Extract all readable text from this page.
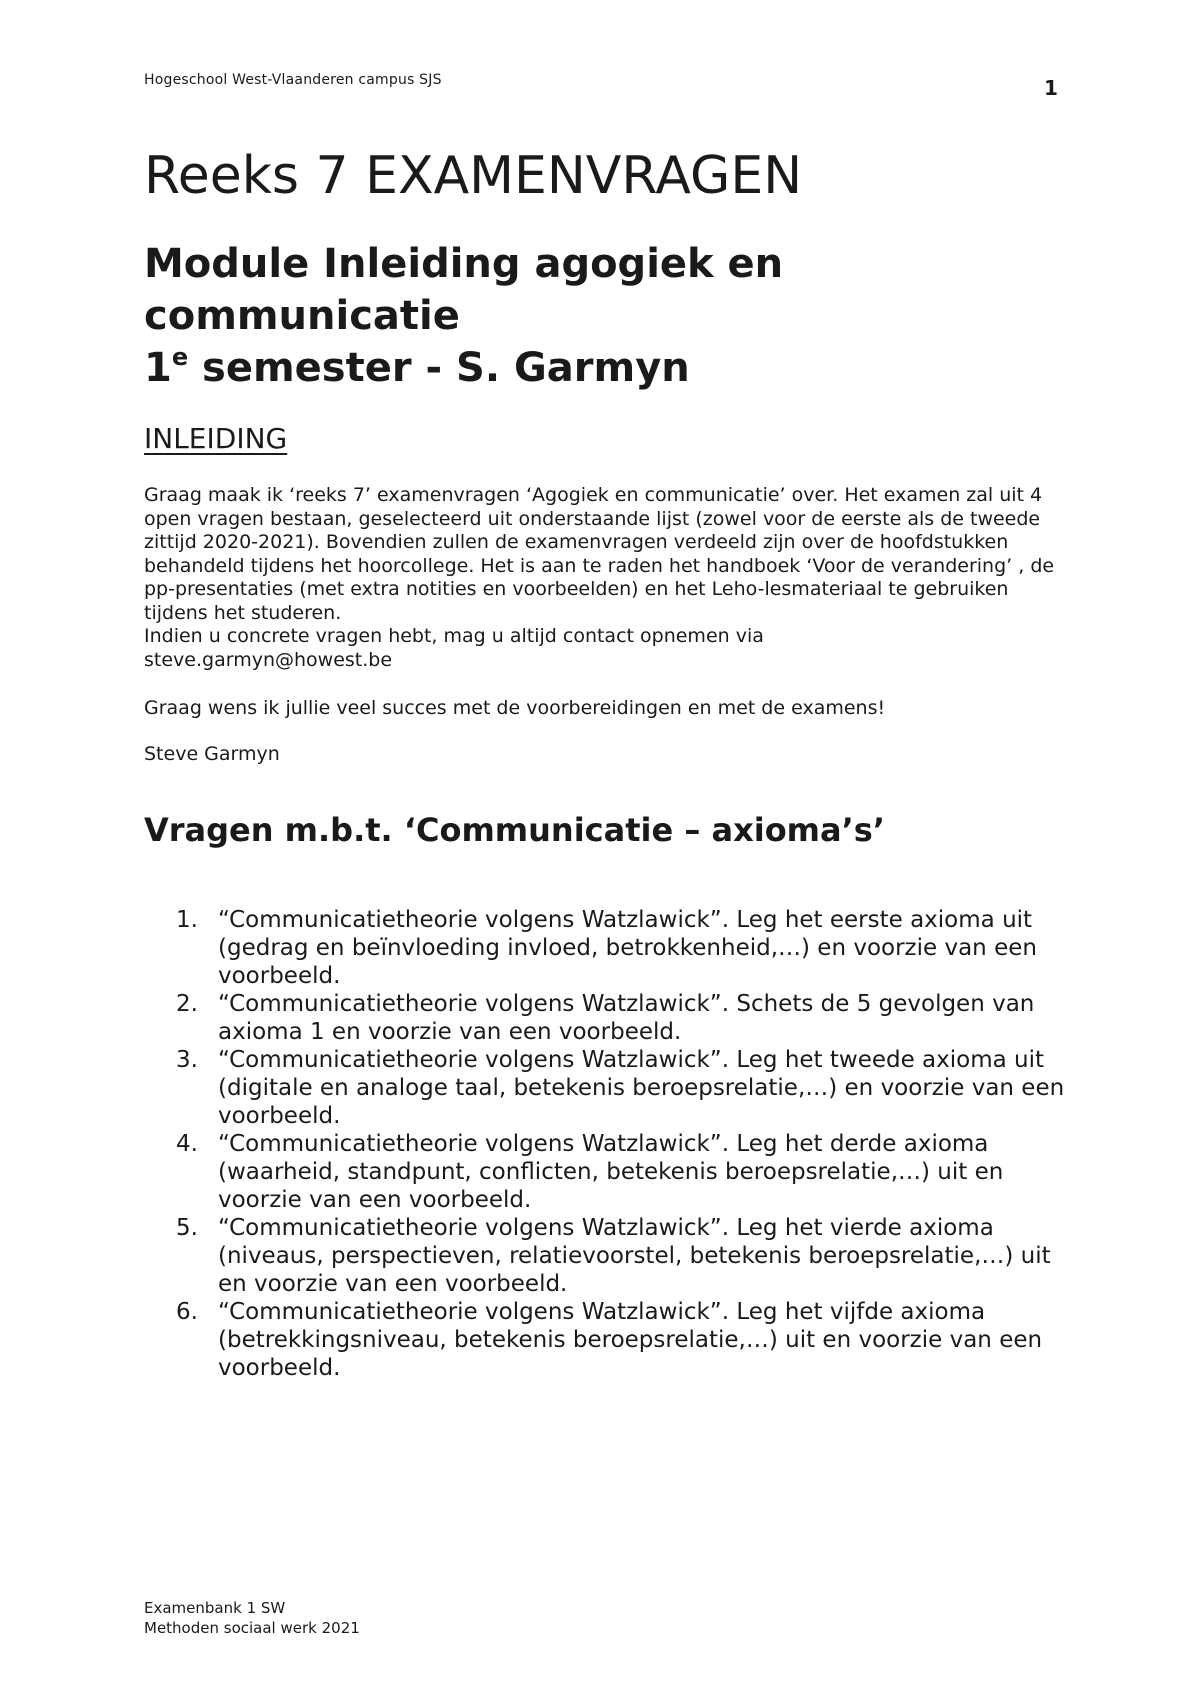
Hogeschool West-Vlaanderen campus SJS	1
Reeks 7 EXAMENVRAGEN
Module Inleiding agogiek en communicatie
1e semester - S. Garmyn
INLEIDING

Graag maak ik ‘reeks 7’ examenvragen ‘Agogiek en communicatie’ over. Het examen zal uit 4 open vragen bestaan, geselecteerd uit onderstaande lijst (zowel voor de eerste als de tweede zittijd 2020-2021). Bovendien zullen de examenvragen verdeeld zijn over de hoofdstukken behandeld tijdens het hoorcollege. Het is aan te raden het handboek ‘Voor de verandering’ , de pp-presentaties (met extra notities en voorbeelden) en het Leho-lesmateriaal te gebruiken tijdens het studeren.

Indien u concrete vragen hebt, mag u altijd contact opnemen via

steve.garmyn@howest.be

Graag wens ik jullie veel succes met de voorbereidingen en met de examens!
Steve Garmyn
Vragen m.b.t. ‘Communicatie – axioma’s’
1. “Communicatietheorie volgens Watzlawick”. Leg het eerste axioma uit (gedrag en beïnvloeding invloed, betrokkenheid,…) en voorzie van een voorbeeld.
2. “Communicatietheorie volgens Watzlawick”. Schets de 5 gevolgen van axioma 1 en voorzie van een voorbeeld.
3. “Communicatietheorie volgens Watzlawick”. Leg het tweede axioma uit (digitale en analoge taal, betekenis beroepsrelatie,…) en voorzie van een voorbeeld.
4. “Communicatietheorie volgens Watzlawick”. Leg het derde axioma (waarheid, standpunt, conflicten, betekenis beroepsrelatie,…) uit en voorzie van een voorbeeld.
5. “Communicatietheorie volgens Watzlawick”. Leg het vierde axioma (niveaus, perspectieven, relatievoorstel, betekenis beroepsrelatie,…) uit en voorzie van een voorbeeld.
6. “Communicatietheorie volgens Watzlawick”. Leg het vijfde axioma (betrekkingsniveau, betekenis beroepsrelatie,…) uit en voorzie van een voorbeeld.
Examenbank 1 SW
Methoden sociaal werk 2021
